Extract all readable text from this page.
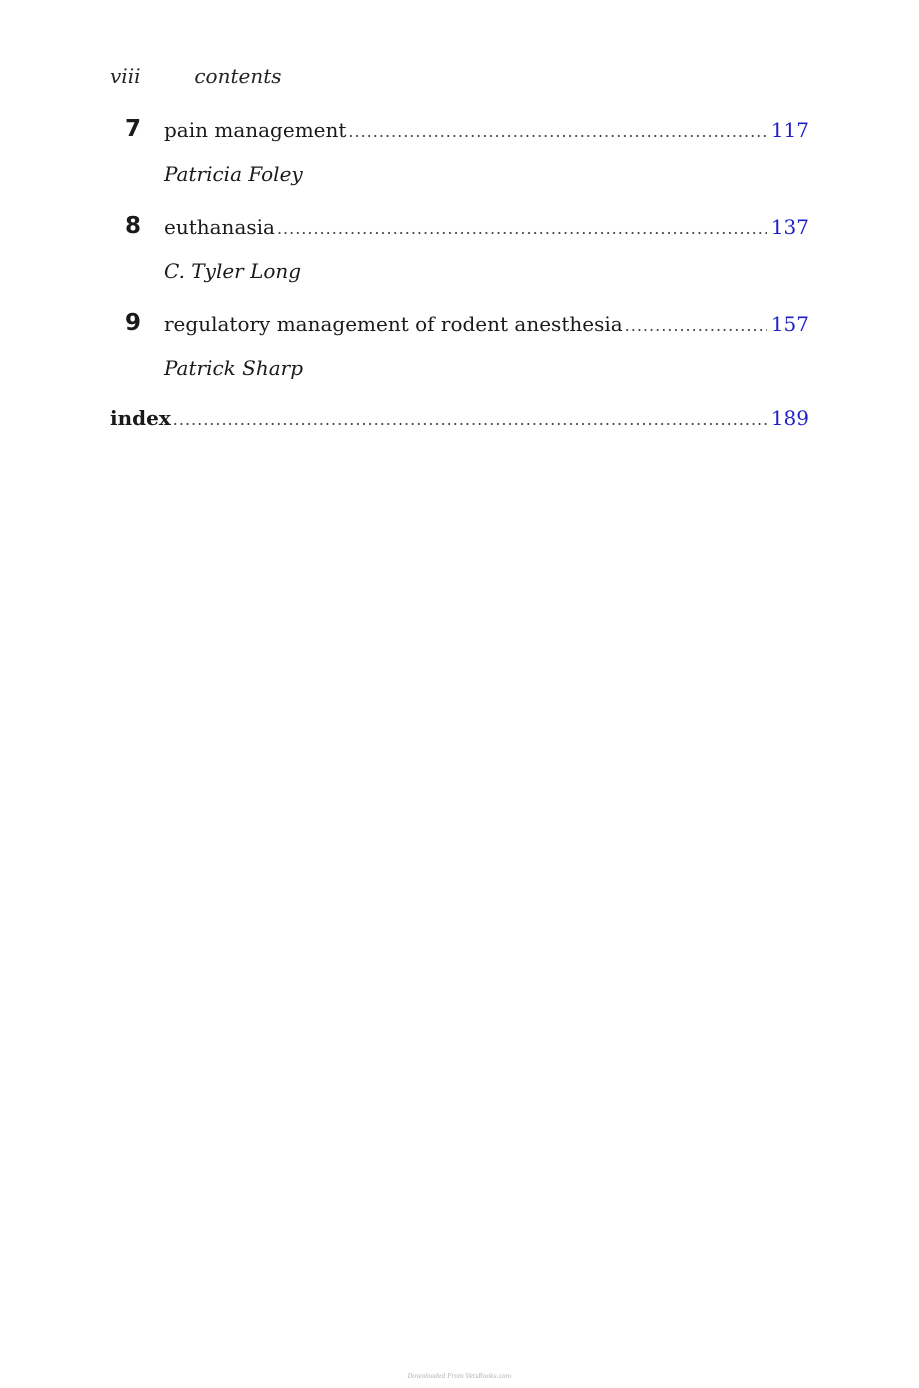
viii	contents
7 pain management .....	117
Patricia Foley
8 euthanasia .....	137
C. Tyler Long
9 regulatory management of rodent anesthesia .....	157
Patrick Sharp
index .....	189
Downloaded From VetsBooks.com
